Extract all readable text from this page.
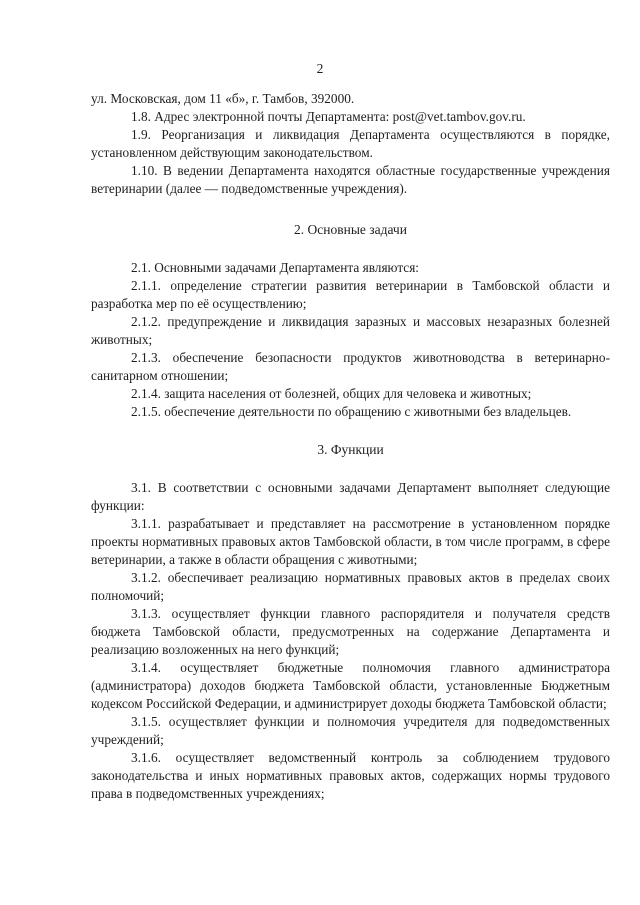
2

ул. Московская, дом 11 «б», г. Тамбов, 392000.

1.8. Адрес электронной почты Департамента: post@vet.tambov.gov.ru.

1.9. Реорганизация и ликвидация Департамента осуществляются в порядке, установленном действующим законодательством.

1.10. В ведении Департамента находятся областные государственные учреждения ветеринарии (далее — подведомственные учреждения).

2. Основные задачи

2.1. Основными задачами Департамента являются:

2.1.1. определение стратегии развития ветеринарии в Тамбовской области и разработка мер по её осуществлению;

2.1.2. предупреждение и ликвидация заразных и массовых незаразных болезней животных;

2.1.3. обеспечение безопасности продуктов животноводства в ветеринарно-санитарном отношении;

2.1.4. защита населения от болезней, общих для человека и животных;

2.1.5. обеспечение деятельности по обращению с животными без владельцев.

3. Функции

3.1. В соответствии с основными задачами Департамент выполняет следующие функции:

3.1.1. разрабатывает и представляет на рассмотрение в установленном порядке проекты нормативных правовых актов Тамбовской области, в том числе программ, в сфере ветеринарии, а также в области обращения с животными;

3.1.2. обеспечивает реализацию нормативных правовых актов в пределах своих полномочий;

3.1.3. осуществляет функции главного распорядителя и получателя средств бюджета Тамбовской области, предусмотренных на содержание Департамента и реализацию возложенных на него функций;

3.1.4. осуществляет бюджетные полномочия главного администратора (администратора) доходов бюджета Тамбовской области, установленные Бюджетным кодексом Российской Федерации, и администрирует доходы бюджета Тамбовской области;

3.1.5. осуществляет функции и полномочия учредителя для подведомственных учреждений;

3.1.6. осуществляет ведомственный контроль за соблюдением трудового законодательства и иных нормативных правовых актов, содержащих нормы трудового права в подведомственных учреждениях;
